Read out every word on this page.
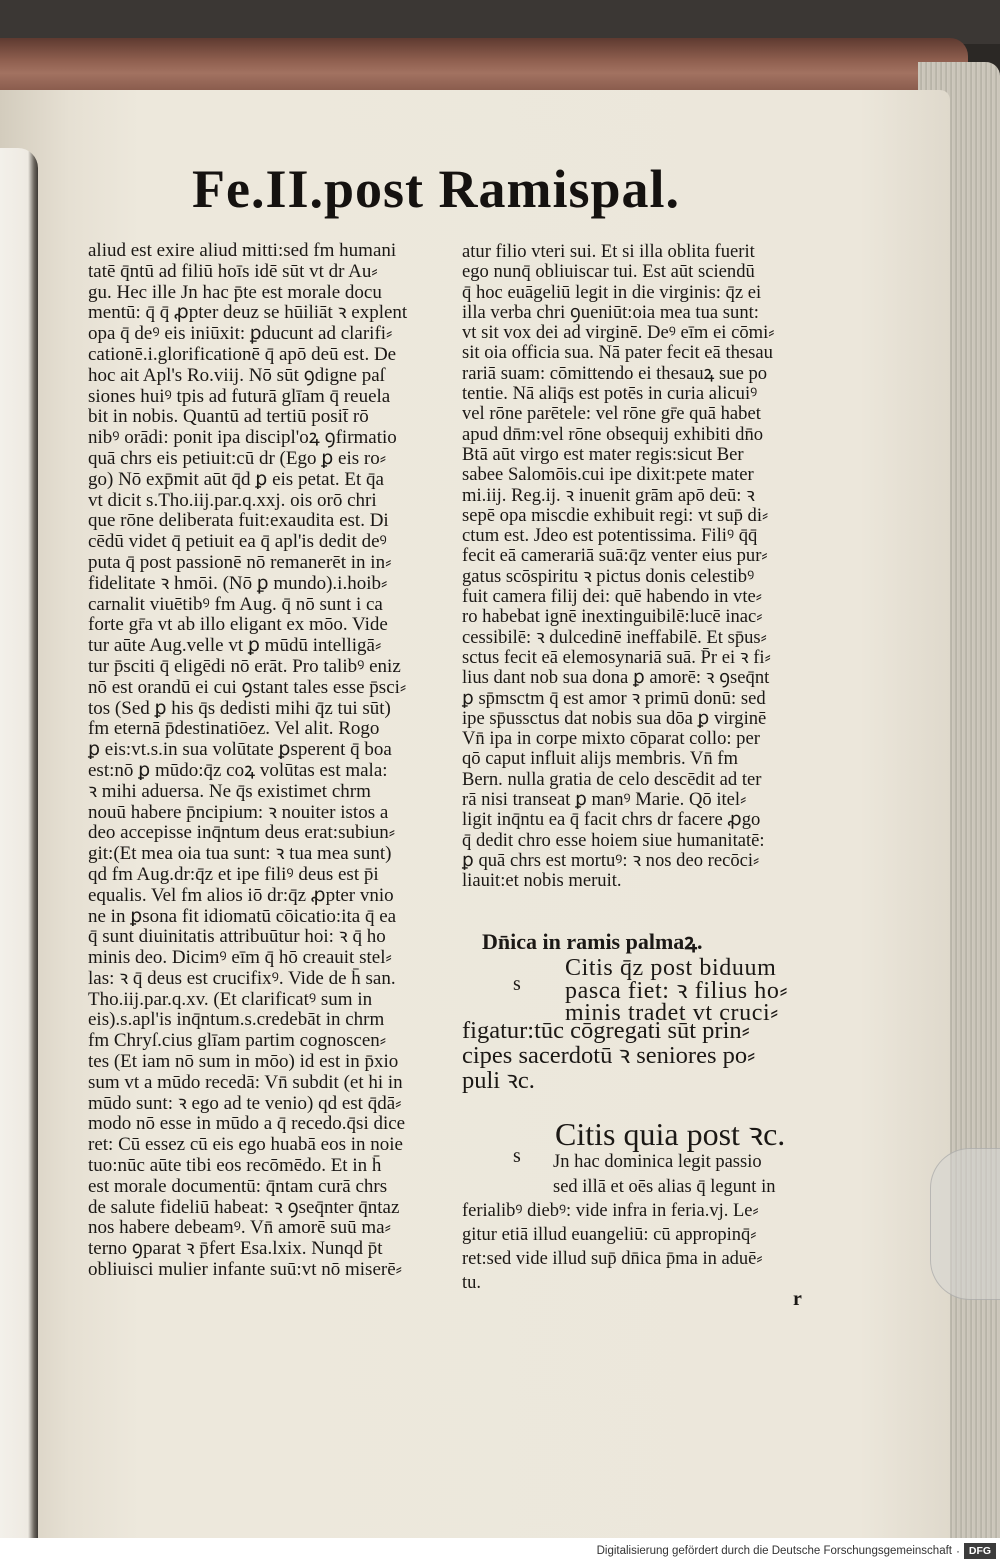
Fe.II.post Ramispal.
aliud est exire aliud mitti:sed fm humani
tatē q̄ntū ad filiū hoīs idē sūt vt dr Au⸗
gu. Hec ille Jn hac p̄te est morale docu
mentū: q̄ q̄ ꝓpter deuz se hūiliāt ꝛ explent
opa q̄ deꝰ eis iniūxit: ꝑducunt ad clarifi⸗
cationē.i.glorificationē q̄ apō deū est. De
hoc ait Apl's Ro.viij. Nō sūt ꝯdigne paſ
siones huiꝰ tpis ad futurā glīam q̄ reuela
bit in nobis. Quantū ad tertiū posit̄ rō
nibꝰ orādi: ponit ipa discipl'oꝝ ꝯfirmatio
quā chrs eis petiuit:cū dr (Ego ꝑ eis ro⸗
go) Nō exp̄mit aūt q̄d ꝑ eis petat. Et q̄a
vt dicit s.Tho.iij.par.q.xxj. ois orō chri
que rōne deliberata fuit:exaudita est. Di
cēdū videt q̄ petiuit ea q̄ apl'is dedit deꝰ
puta q̄ post passionē nō remanerēt in in⸗
fidelitate ꝛ hmōi. (Nō ꝑ mundo).i.hoib⸗
carnalit viuētibꝰ fm Aug. q̄ nō sunt i ca
forte gr̄a vt ab illo eligant ex mōo. Vide
tur aūte Aug.velle vt ꝑ mūdū intelligā⸗
tur p̄sciti q̄ eligēdi nō erāt. Pro talibꝰ eniz
nō est orandū ei cui ꝯstant tales esse p̄sci⸗
tos (Sed ꝑ his q̄s dedisti mihi q̄z tui sūt)
fm eternā p̄destinatiōez. Vel alit. Rogo
ꝑ eis:vt.s.in sua volūtate ꝑsperent q̄ boa
est:nō ꝑ mūdo:q̄z coꝝ volūtas est mala:
ꝛ mihi aduersa. Ne q̄s existimet chrm
nouū habere p̄ncipium: ꝛ nouiter istos a
deo accepisse inq̄ntum deus erat:subiun⸗
git:(Et mea oia tua sunt: ꝛ tua mea sunt)
qd fm Aug.dr:q̄z et ipe filiꝰ deus est p̄i
equalis. Vel fm alios iō dr:q̄z ꝓpter vnio
ne in ꝑsona fit idiomatū cōicatio:ita q̄ ea
q̄ sunt diuinitatis attribuūtur hoi: ꝛ q̄ ho
minis deo. Dicimꝰ eīm q̄ hō creauit stel⸗
las: ꝛ q̄ deus est crucifixꝰ. Vide de h̄ san.
Tho.iij.par.q.xv. (Et clarificatꝰ sum in
eis).s.apl'is inq̄ntum.s.credebāt in chrm
fm Chryſ.cius glīam partim cognoscen⸗
tes (Et iam nō sum in mōo) id est in p̄xio
sum vt a mūdo recedā: Vn̄ subdit (et hi in
mūdo sunt: ꝛ ego ad te venio) qd est q̄dā⸗
modo nō esse in mūdo a q̄ recedo.q̄si dice
ret: Cū essez cū eis ego huabā eos in noie
tuo:nūc aūte tibi eos recōmēdo. Et in h̄
est morale documentū: q̄ntam curā chrs
de salute fideliū habeat: ꝛ ꝯseq̄nter q̄ntaz
nos habere debeamꝰ. Vn̄ amorē suū ma⸗
terno ꝯparat ꝛ p̄fert Esa.lxix. Nunqd p̄t
obliuisci mulier infante suū:vt nō miserē⸗
atur filio vteri sui. Et si illa oblita fuerit
ego nunq̄ obliuiscar tui. Est aūt sciendū
q̄ hoc euāgeliū legit in die virginis: q̄z ei
illa verba chri ꝯueniūt:oia mea tua sunt:
vt sit vox dei ad virginē. Deꝰ eīm ei cōmi⸗
sit oia officia sua. Nā pater fecit eā thesau
rariā suam: cōmittendo ei thesauꝝ sue po
tentie. Nā aliq̄s est potēs in curia alicuiꝰ
vel rōne parētele: vel rōne gr̄e quā habet
apud dn̄m:vel rōne obsequij exhibiti dn̄o
Btā aūt virgo est mater regis:sicut Ber
sabee Salomōis.cui ipe dixit:pete mater
mi.iij. Reg.ij. ꝛ inuenit grām apō deū: ꝛ
sepē opa miscdie exhibuit regi: vt sup̄ di⸗
ctum est. Jdeo est potentissima. Filiꝰ q̄q̄
fecit eā camerariā suā:q̄z venter eius pur⸗
gatus scōspiritu ꝛ pictus donis celestibꝰ
fuit camera filij dei: quē habendo in vte⸗
ro habebat ignē inextinguibilē:lucē inac⸗
cessibilē: ꝛ dulcedinē ineffabilē. Et sp̄us⸗
sctus fecit eā elemosynariā suā. P̄r ei ꝛ fi⸗
lius dant nob sua dona ꝑ amorē: ꝛ ꝯseq̄nt
ꝑ sp̄msctm q̄ est amor ꝛ primū donū: sed
ipe sp̄ussctus dat nobis sua dōa ꝑ virginē
Vn̄ ipa in corpe mixto cōparat collo: per
qō caput influit alijs membris. Vn̄ fm
Bern. nulla gratia de celo descēdit ad ter
rā nisi transeat ꝑ manꝰ Marie. Qō itel⸗
ligit inq̄ntu ea q̄ facit chrs dr facere ꝓgo
q̄ dedit chro esse hoiem siue humanitatē:
ꝑ quā chrs est mortuꝰ: ꝛ nos deo recōci⸗
liauit:et nobis meruit.
Dn̄ica in ramis palmaꝝ.
s
Citis q̄z post biduum
pasca fiet: ꝛ filius ho⸗
minis tradet vt cruci⸗
figatur:tūc cōgregati sūt prin⸗
cipes sacerdotū ꝛ seniores po⸗
puli ꝛc.
Citis quia post ꝛc.
s Jn hac dominica legit passio
sed illā et oēs alias q̄ legunt in
ferialibꝰ diebꝰ: vide infra in feria.vj. Le⸗
gitur etiā illud euangeliū: cū appropinq̄⸗
ret:sed vide illud sup̄ dn̄ica p̄ma in aduē⸗
tu.
r
Digitalisierung gefördert durch die Deutsche Forschungsgemeinschaft · DFG
